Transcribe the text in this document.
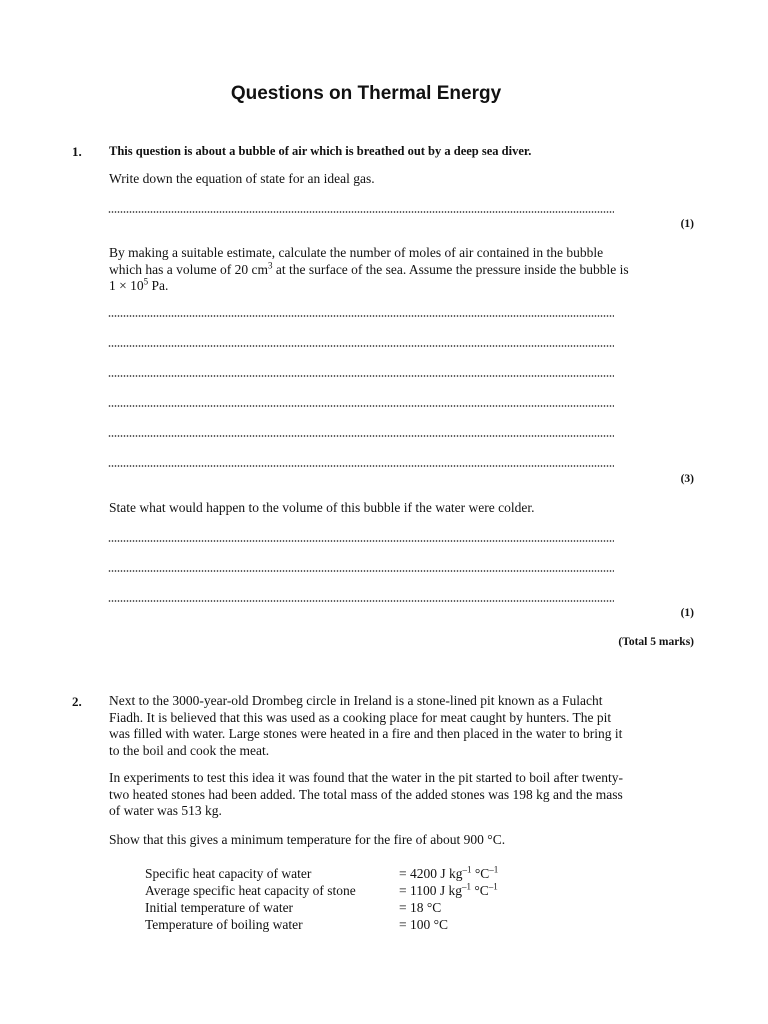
Questions on Thermal Energy
1. This question is about a bubble of air which is breathed out by a deep sea diver.
Write down the equation of state for an ideal gas.
(1)
By making a suitable estimate, calculate the number of moles of air contained in the bubble
which has a volume of 20 $cm^3$ at the surface of the sea. Assume the pressure inside the bubble is
$1 \times 10^5$ Pa.
(3)
State what would happen to the volume of this bubble if the water were colder.
(1)
(Total 5 marks)
2. Next to the 3000-year-old Drombeg circle in Ireland is a stone-lined pit known as a Fulacht
Fiadh. It is believed that this was used as a cooking place for meat caught by hunters. The pit
was filled with water. Large stones were heated in a fire and then placed in the water to bring it
to the boil and cook the meat.
In experiments to test this idea it was found that the water in the pit started to boil after twenty-
two heated stones had been added. The total mass of the added stones was 198 kg and the mass
of water was 513 kg.
Show that this gives a minimum temperature for the fire of about 900 °C.
Specific heat capacity of water	= 4200 J $kg^{-1}$ $^\circ C^{-1}$
Average specific heat capacity of stone	= 1100 J $kg^{-1}$ $^\circ C^{-1}$
Initial temperature of water	= 18 °C
Temperature of boiling water	= 100 °C
